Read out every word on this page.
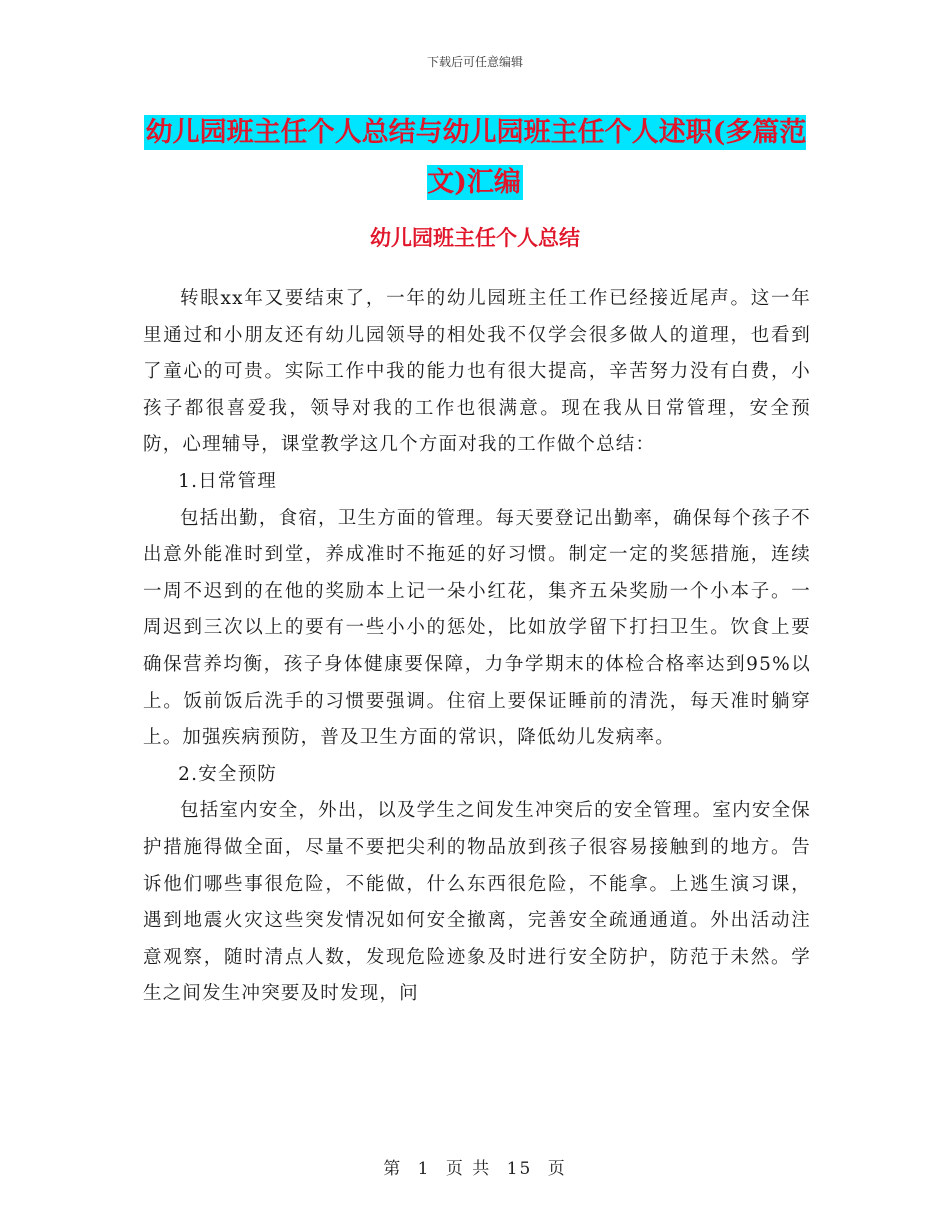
下载后可任意编辑
幼儿园班主任个人总结与幼儿园班主任个人述职(多篇范文)汇编
幼儿园班主任个人总结

转眼xx年又要结束了，一年的幼儿园班主任工作已经接近尾声。这一年里通过和小朋友还有幼儿园领导的相处我不仅学会很多做人的道理，也看到了童心的可贵。实际工作中我的能力也有很大提高，辛苦努力没有白费，小孩子都很喜爱我，领导对我的工作也很满意。现在我从日常管理，安全预防，心理辅导，课堂教学这几个方面对我的工作做个总结：

1.日常管理

包括出勤，食宿，卫生方面的管理。每天要登记出勤率，确保每个孩子不出意外能准时到堂，养成准时不拖延的好习惯。制定一定的奖惩措施，连续一周不迟到的在他的奖励本上记一朵小红花，集齐五朵奖励一个小本子。一周迟到三次以上的要有一些小小的惩处，比如放学留下打扫卫生。饮食上要确保营养均衡，孩子身体健康要保障，力争学期末的体检合格率达到95%以上。饭前饭后洗手的习惯要强调。住宿上要保证睡前的清洗，每天准时躺穿上。加强疾病预防，普及卫生方面的常识，降低幼儿发病率。

2.安全预防

包括室内安全，外出，以及学生之间发生冲突后的安全管理。室内安全保护措施得做全面，尽量不要把尖利的物品放到孩子很容易接触到的地方。告诉他们哪些事很危险，不能做，什么东西很危险，不能拿。上逃生演习课，遇到地震火灾这些突发情况如何安全撤离，完善安全疏通通道。外出活动注意观察，随时清点人数，发现危险迹象及时进行安全防护，防范于未然。学生之间发生冲突要及时发现，问

第 1 页 共 15 页
